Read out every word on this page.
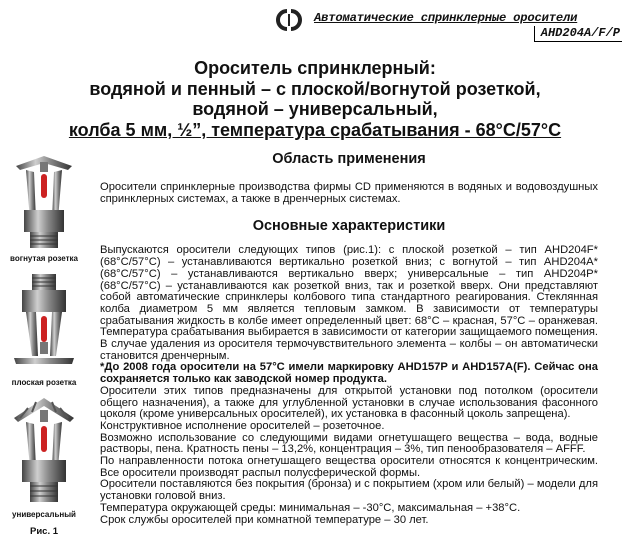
Автоматические спринклерные оросители
AHD204A/F/P
Ороситель спринклерный:
водяной и пенный – с плоской/вогнутой розеткой,
водяной – универсальный,
колба 5 мм, ½”, температура срабатывания - 68°C/57°C
вогнутая розетка
плоская розетка
универсальный
Рис. 1
Область применения

Оросители спринклерные производства фирмы CD применяются в водяных и водовоздушных спринклерных системах, а также в дренчерных системах.

Основные характеристики

Выпускаются оросители следующих типов (рис.1): с плоской розеткой – тип AHD204F* (68°C/57°C) – устанавливаются вертикально розеткой вниз; с вогнутой – тип AHD204A* (68°C/57°C) – устанавливаются вертикально вверх; универсальные – тип AHD204P* (68°C/57°C) – устанавливаются как розеткой вниз, так и розеткой вверх. Они представляют собой автоматические спринклеры колбового типа стандартного реагирования. Стеклянная колба диаметром 5 мм является тепловым замком. В зависимости от температуры срабатывания жидкость в колбе имеет определенный цвет: 68°C – красная, 57°C – оранжевая. Температура срабатывания выбирается в зависимости от категории защищаемого помещения. В случае удаления из оросителя термочувствительного элемента – колбы – он автоматически становится дренчерным.

*До 2008 года оросители на 57°C имели маркировку AHD157P и AHD157A(F). Сейчас она сохраняется только как заводской номер продукта.

Оросители этих типов предназначены для открытой установки под потолком (оросители общего назначения), а также для углубленной установки в случае использования фасонного цоколя (кроме универсальных оросителей), их установка в фасонный цоколь запрещена).

Конструктивное исполнение оросителей – розеточное.

Возможно использование со следующими видами огнетушащего вещества – вода, водные растворы, пена. Кратность пены – 13,2%, концентрация – 3%, тип пенообразователя – AFFF.

По направленности потока огнетушащего вещества оросители относятся к концентрическим. Все оросители производят распыл полусферической формы.

Оросители поставляются без покрытия (бронза) и с покрытием (хром или белый) – модели для установки головой вниз.

Температура окружающей среды: минимальная – -30°C, максимальная – +38°C.

Срок службы оросителей при комнатной температуре – 30 лет.
